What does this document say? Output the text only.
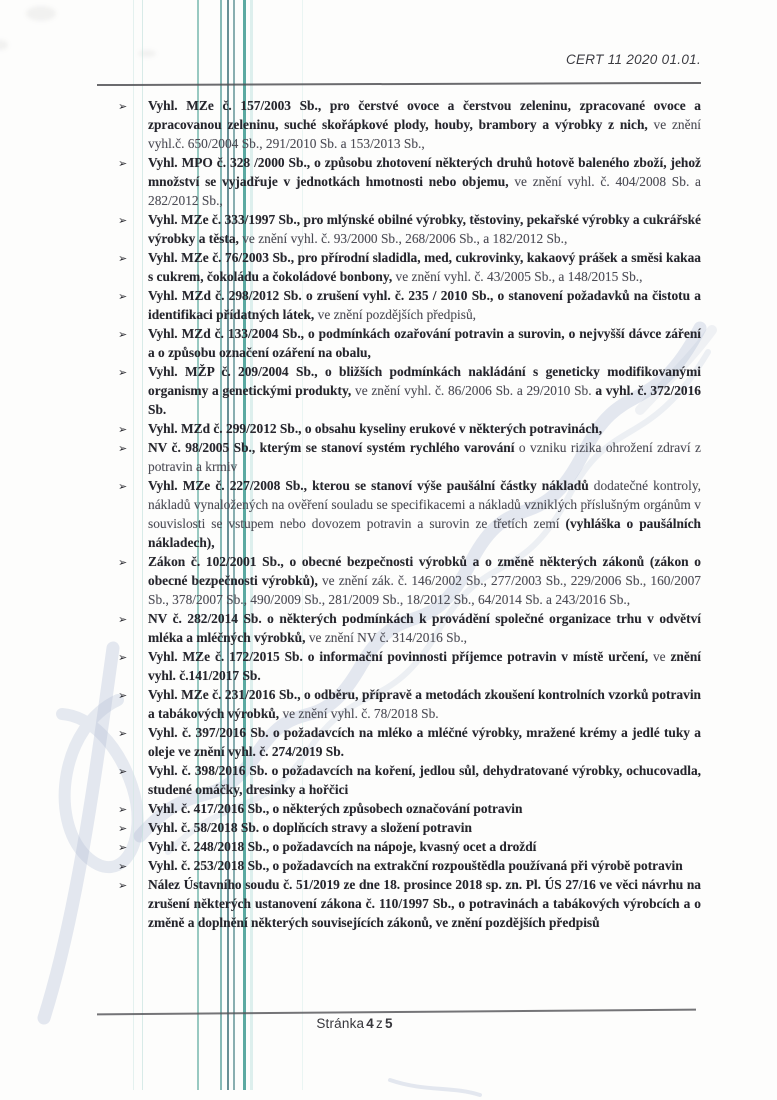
CERT 11 2020 01.01.
➢ Vyhl. MZe č. 157/2003 Sb., pro čerstvé ovoce a čerstvou zeleninu, zpracované ovoce a zpracovanou zeleninu, suché skořápkové plody, houby, brambory a výrobky z nich, ve znění vyhl.č. 650/2004 Sb., 291/2010 Sb. a 153/2013 Sb.,
➢ Vyhl. MPO č. 328 /2000 Sb., o způsobu zhotovení některých druhů hotově baleného zboží, jehož množství se vyjadřuje v jednotkách hmotnosti nebo objemu, ve znění vyhl. č. 404/2008 Sb. a 282/2012 Sb.,
➢ Vyhl. MZe č. 333/1997 Sb., pro mlýnské obilné výrobky, těstoviny, pekařské výrobky a cukrářské výrobky a těsta, ve znění vyhl. č. 93/2000 Sb., 268/2006 Sb., a 182/2012 Sb.,
➢ Vyhl. MZe č. 76/2003 Sb., pro přírodní sladidla, med, cukrovinky, kakaový prášek a směsi kakaa s cukrem, čokoládu a čokoládové bonbony, ve znění vyhl. č. 43/2005 Sb., a 148/2015 Sb.,
➢ Vyhl. MZd č. 298/2012 Sb. o zrušení vyhl. č. 235 / 2010 Sb., o stanovení požadavků na čistotu a identifikaci přídatných látek, ve znění pozdějších předpisů,
➢ Vyhl. MZd č. 133/2004 Sb., o podmínkách ozařování potravin a surovin, o nejvyšší dávce záření a o způsobu označení ozáření na obalu,
➢ Vyhl. MŽP č. 209/2004 Sb., o bližších podmínkách nakládání s geneticky modifikovanými organismy a genetickými produkty, ve znění vyhl. č. 86/2006 Sb. a 29/2010 Sb. a vyhl. č. 372/2016 Sb.
➢ Vyhl. MZd č. 299/2012 Sb., o obsahu kyseliny erukové v některých potravinách,
➢ NV č. 98/2005 Sb., kterým se stanoví systém rychlého varování o vzniku rizika ohrožení zdraví z potravin a krmiv
➢ Vyhl. MZe č. 227/2008 Sb., kterou se stanoví výše paušální částky nákladů dodatečné kontroly, nákladů vynaložených na ověření souladu se specifikacemi a nákladů vzniklých příslušným orgánům v souvislosti se vstupem nebo dovozem potravin a surovin ze třetích zemí (vyhláška o paušálních nákladech),
➢ Zákon č. 102/2001 Sb., o obecné bezpečnosti výrobků a o změně některých zákonů (zákon o obecné bezpečnosti výrobků), ve znění zák. č. 146/2002 Sb., 277/2003 Sb., 229/2006 Sb., 160/2007 Sb., 378/2007 Sb., 490/2009 Sb., 281/2009 Sb., 18/2012 Sb., 64/2014 Sb. a 243/2016 Sb.,
➢ NV č. 282/2014 Sb. o některých podmínkách k provádění společné organizace trhu v odvětví mléka a mléčných výrobků, ve znění NV č. 314/2016 Sb.,
➢ Vyhl. MZe č. 172/2015 Sb. o informační povinnosti příjemce potravin v místě určení, ve znění vyhl. č.141/2017 Sb.
➢ Vyhl. MZe č. 231/2016 Sb., o odběru, přípravě a metodách zkoušení kontrolních vzorků potravin a tabákových výrobků, ve znění vyhl. č. 78/2018 Sb.
➢ Vyhl. č. 397/2016 Sb. o požadavcích na mléko a mléčné výrobky, mražené krémy a jedlé tuky a oleje ve znění vyhl. č. 274/2019 Sb.
➢ Vyhl. č. 398/2016 Sb. o požadavcích na koření, jedlou sůl, dehydratované výrobky, ochucovadla, studené omáčky, dresinky a hořčici
➢ Vyhl. č. 417/2016 Sb., o některých způsobech označování potravin
➢ Vyhl. č. 58/2018 Sb. o doplňcích stravy a složení potravin
➢ Vyhl. č. 248/2018 Sb., o požadavcích na nápoje, kvasný ocet a droždí
➢ Vyhl. č. 253/2018 Sb., o požadavcích na extrakční rozpouštědla používaná při výrobě potravin
➢ Nález Ústavního soudu č. 51/2019 ze dne 18. prosince 2018 sp. zn. Pl. ÚS 27/16 ve věci návrhu na zrušení některých ustanovení zákona č. 110/1997 Sb., o potravinách a tabákových výrobcích a o změně a doplnění některých souvisejících zákonů, ve znění pozdějších předpisů
Stránka 4 z 5
